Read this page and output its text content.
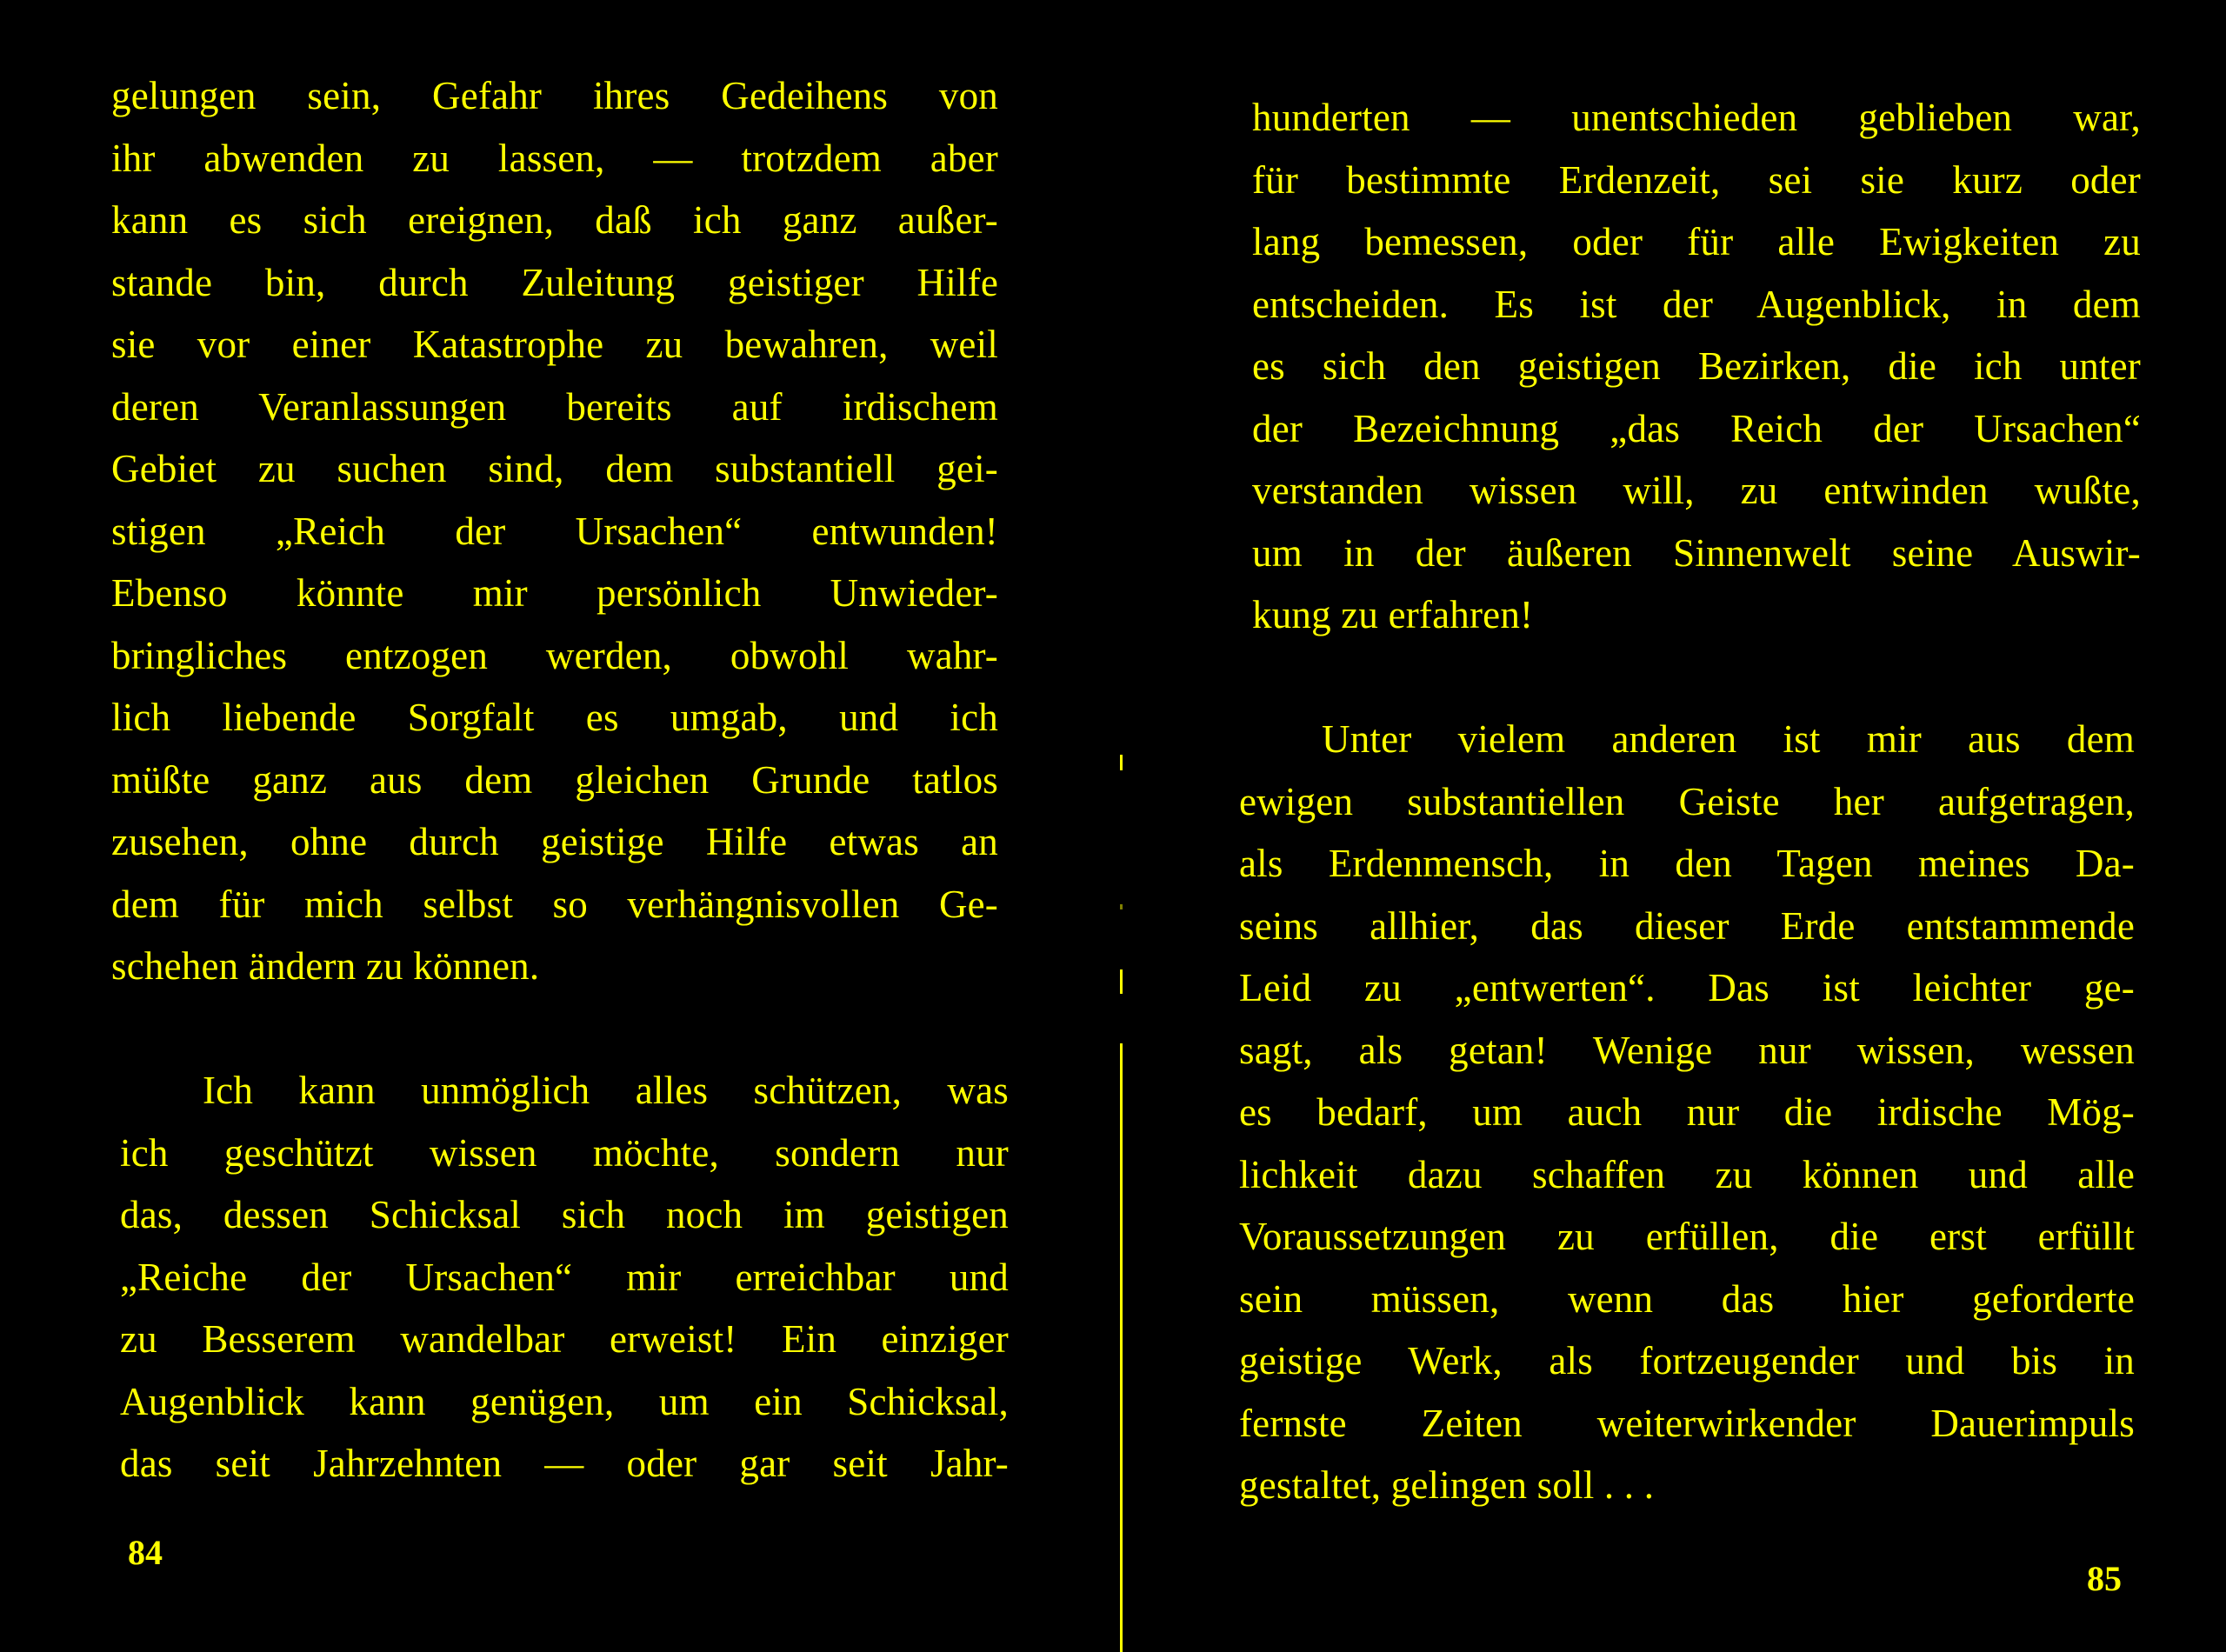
gelungen sein, Gefahr ihres Gedeihens von
ihr abwenden zu lassen, — trotzdem aber
kann es sich ereignen, daß ich ganz außer-
stande bin, durch Zuleitung geistiger Hilfe
sie vor einer Katastrophe zu bewahren, weil
deren Veranlassungen bereits auf irdischem
Gebiet zu suchen sind, dem substantiell gei-
stigen „Reich der Ursachen“ entwunden!
Ebenso könnte mir persönlich Unwieder-
bringliches entzogen werden, obwohl wahr-
lich liebende Sorgfalt es umgab, und ich
müßte ganz aus dem gleichen Grunde tatlos
zusehen, ohne durch geistige Hilfe etwas an
dem für mich selbst so verhängnisvollen Ge-
schehen ändern zu können.
Ich kann unmöglich alles schützen, was
ich geschützt wissen möchte, sondern nur
das, dessen Schicksal sich noch im geistigen
„Reiche der Ursachen“ mir erreichbar und
zu Besserem wandelbar erweist! Ein einziger
Augenblick kann genügen, um ein Schicksal,
das seit Jahrzehnten — oder gar seit Jahr-
84
hunderten — unentschieden geblieben war,
für bestimmte Erdenzeit, sei sie kurz oder
lang bemessen, oder für alle Ewigkeiten zu
entscheiden. Es ist der Augenblick, in dem
es sich den geistigen Bezirken, die ich unter
der Bezeichnung „das Reich der Ursachen“
verstanden wissen will, zu entwinden wußte,
um in der äußeren Sinnenwelt seine Auswir-
kung zu erfahren!
Unter vielem anderen ist mir aus dem
ewigen substantiellen Geiste her aufgetragen,
als Erdenmensch, in den Tagen meines Da-
seins allhier, das dieser Erde entstammende
Leid zu „entwerten“. Das ist leichter ge-
sagt, als getan! Wenige nur wissen, wessen
es bedarf, um auch nur die irdische Mög-
lichkeit dazu schaffen zu können und alle
Voraussetzungen zu erfüllen, die erst erfüllt
sein müssen, wenn das hier geforderte
geistige Werk, als fortzeugender und bis in
fernste Zeiten weiterwirkender Dauerimpuls
gestaltet, gelingen soll . . .
85
